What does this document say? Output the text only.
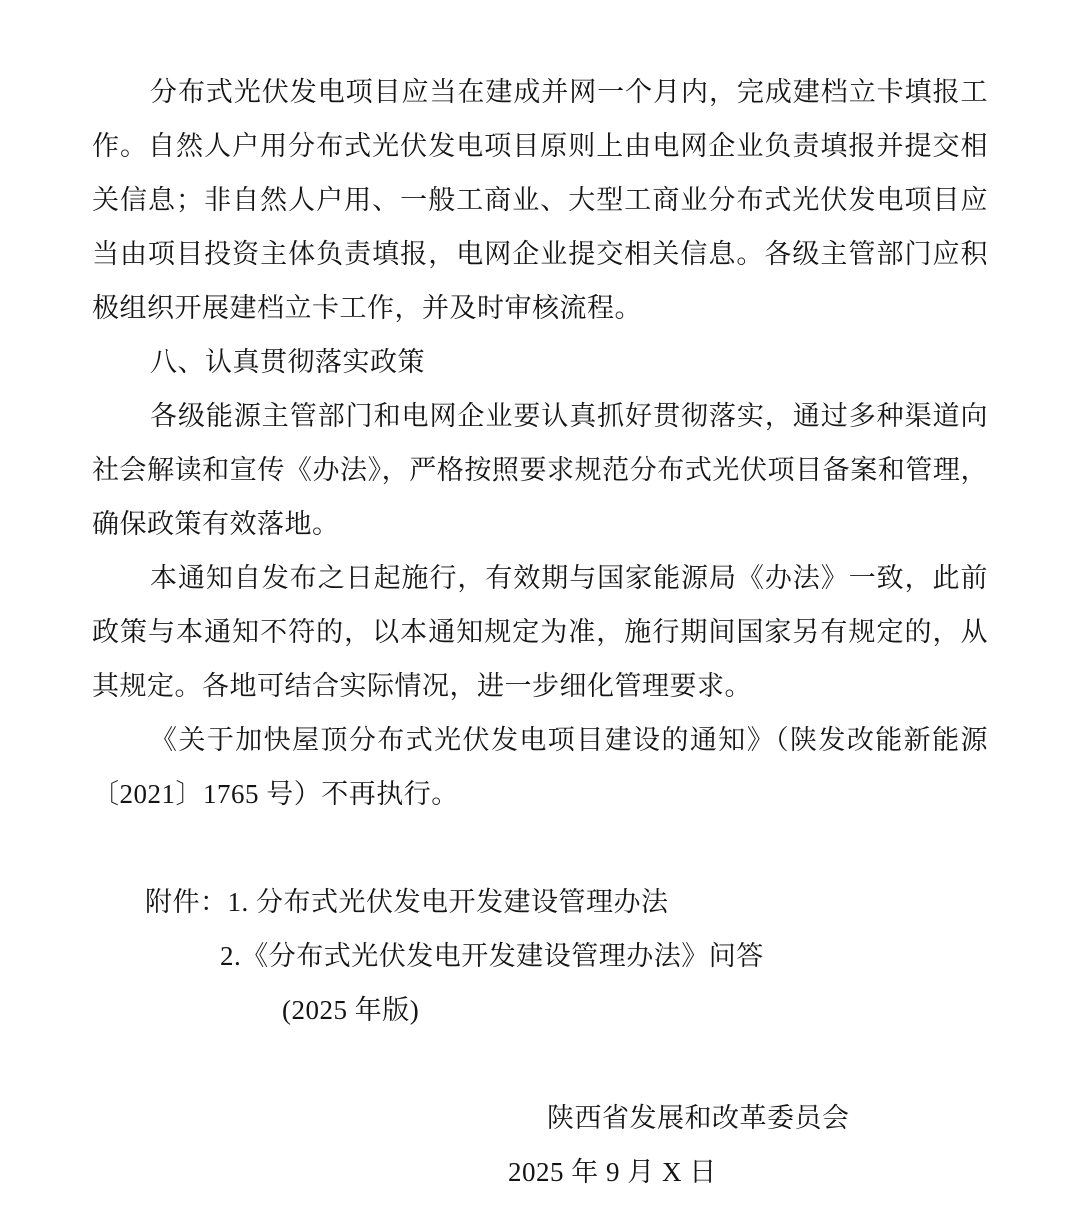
分布式光伏发电项目应当在建成并网一个月内，完成建档立卡填报工
作。自然人户用分布式光伏发电项目原则上由电网企业负责填报并提交相
关信息；非自然人户用、一般工商业、大型工商业分布式光伏发电项目应
当由项目投资主体负责填报，电网企业提交相关信息。各级主管部门应积
极组织开展建档立卡工作，并及时审核流程。
八、认真贯彻落实政策
各级能源主管部门和电网企业要认真抓好贯彻落实，通过多种渠道向
社会解读和宣传《办法》，严格按照要求规范分布式光伏项目备案和管理，
确保政策有效落地。
本通知自发布之日起施行，有效期与国家能源局《办法》一致，此前
政策与本通知不符的，以本通知规定为准，施行期间国家另有规定的，从
其规定。各地可结合实际情况，进一步细化管理要求。
《关于加快屋顶分布式光伏发电项目建设的通知》（陕发改能新能源
〔2021〕1765 号）不再执行。
附件：1. 分布式光伏发电开发建设管理办法
2.《分布式光伏发电开发建设管理办法》问答
(2025 年版)
陕西省发展和改革委员会
2025 年 9 月 X 日
